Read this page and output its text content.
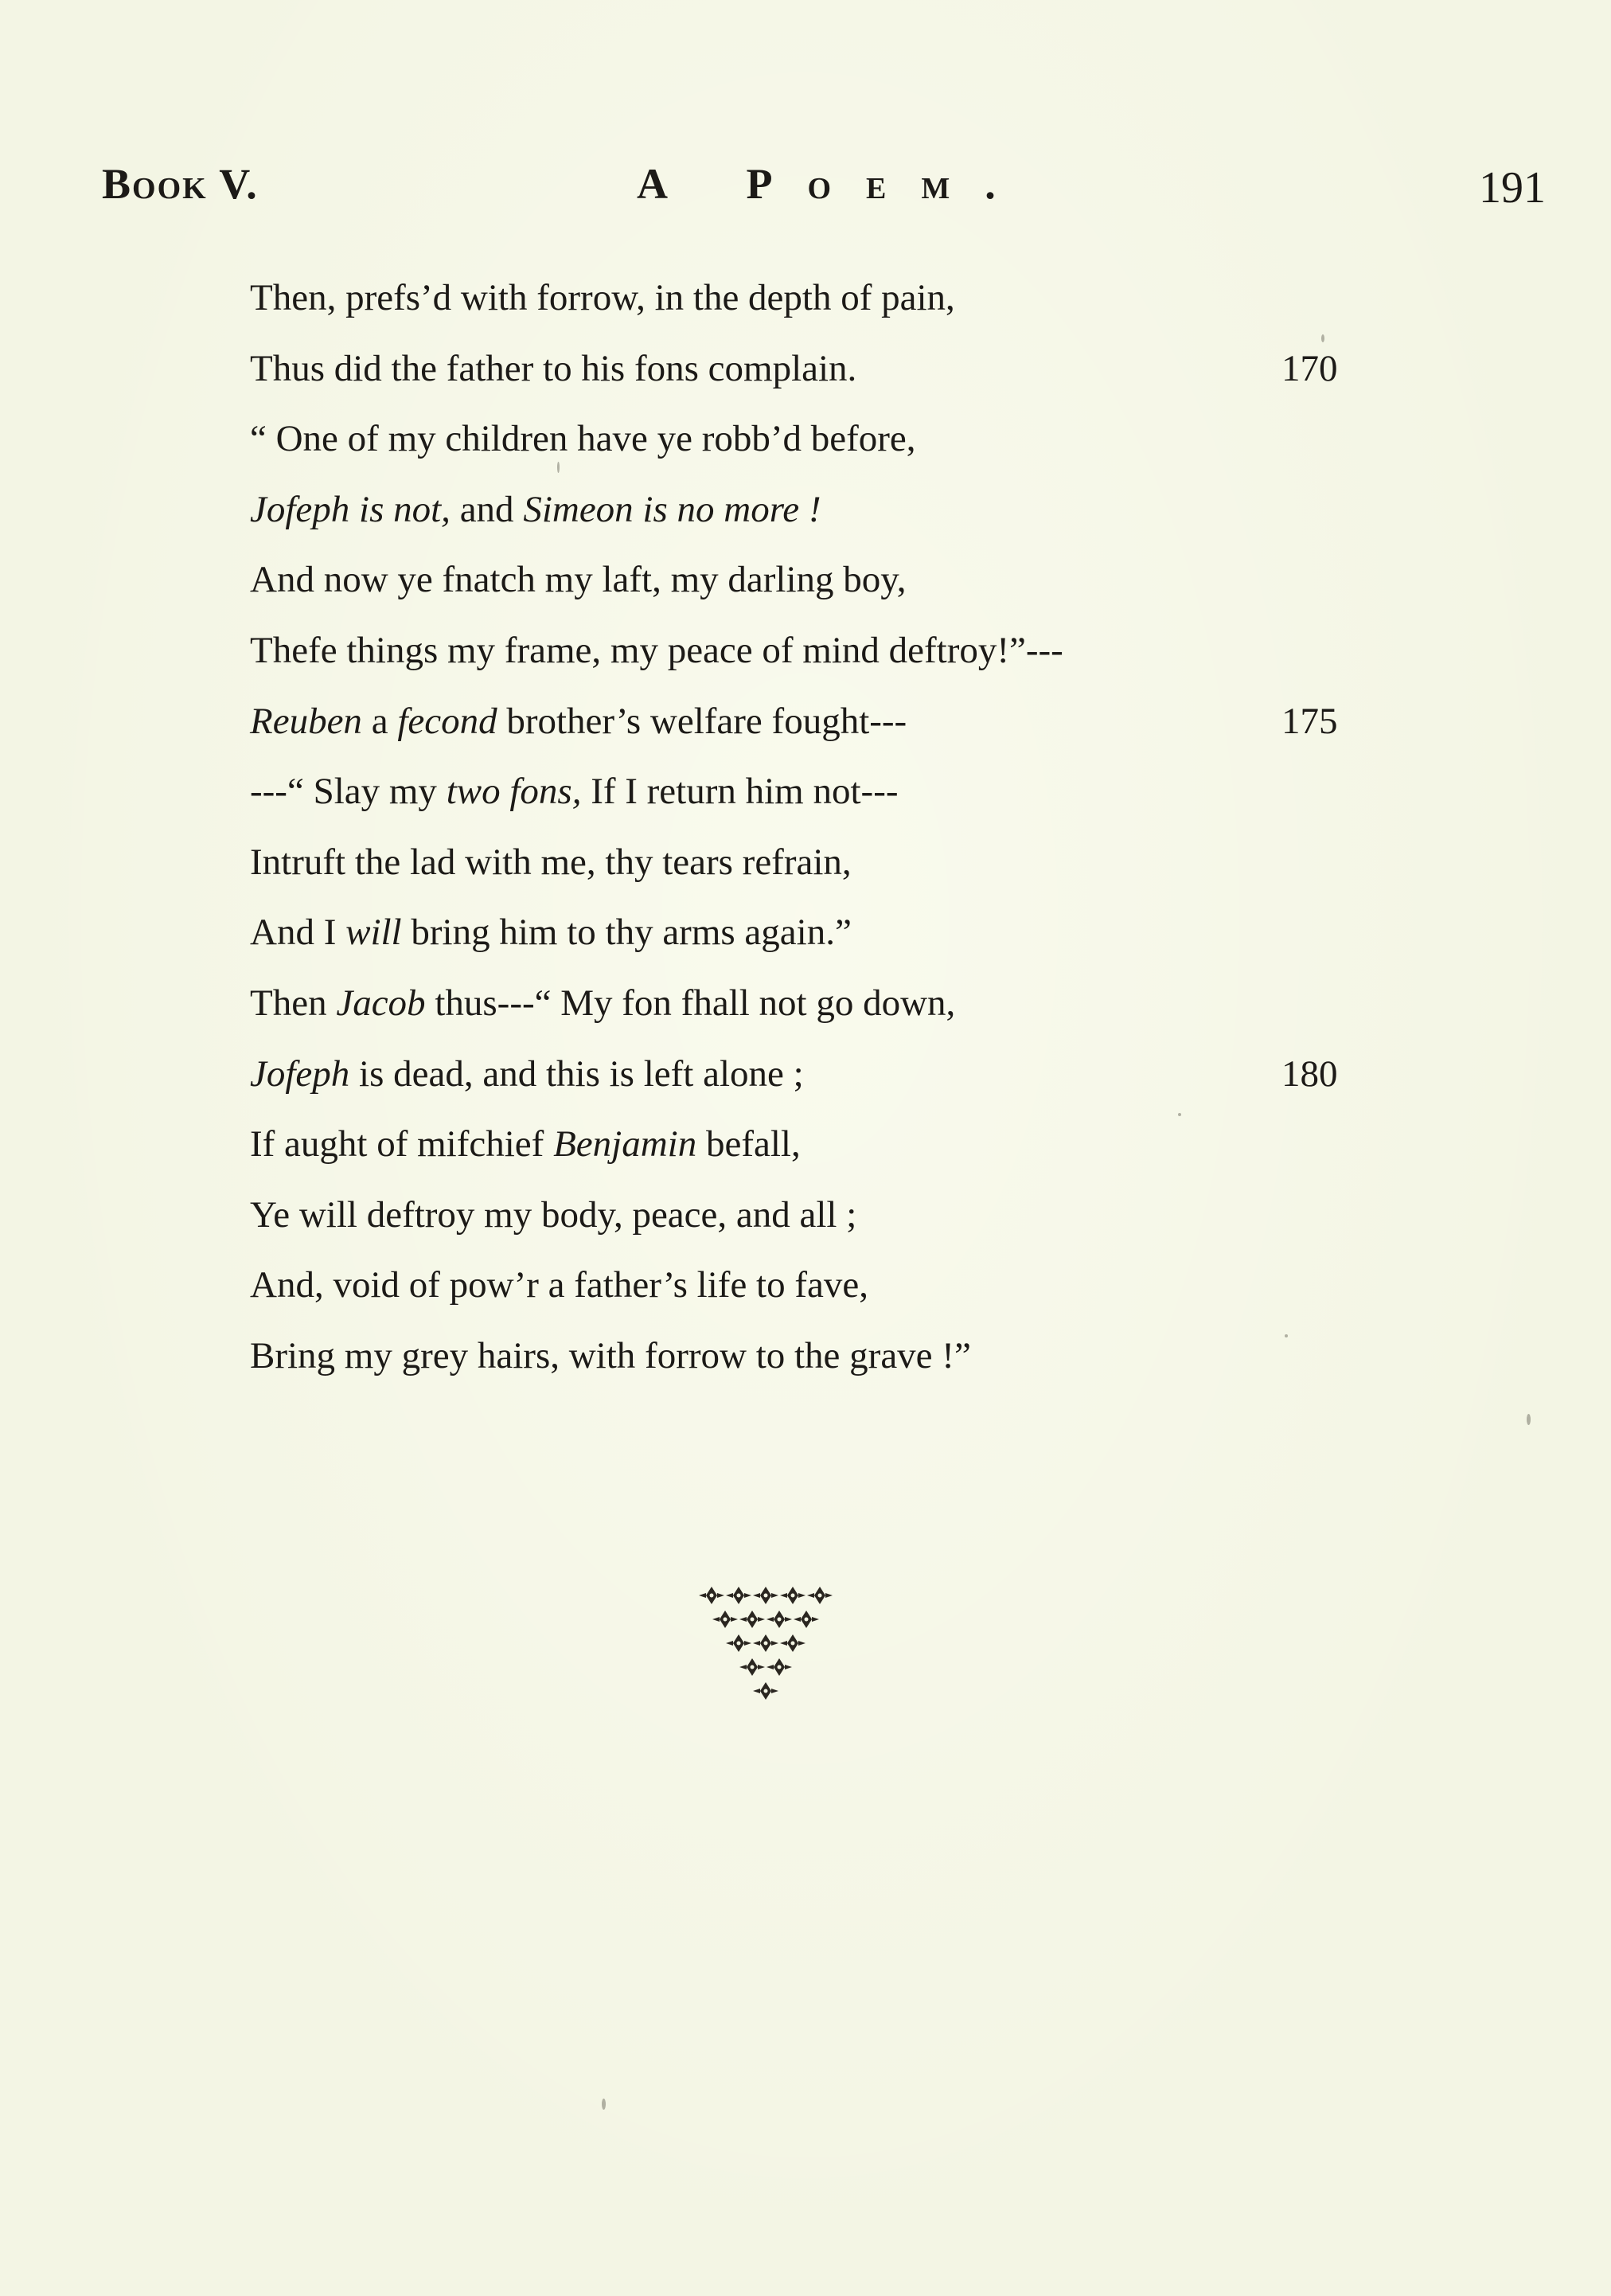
Book V.	A Poem.	191
Then, prefs’d with forrow, in the depth of pain,
Thus did the father to his fons complain.	170
“ One of my children have ye robb’d before,
Jofeph is not, and Simeon is no more !
And now ye fnatch my laft, my darling boy,
Thefe things my frame, my peace of mind deftroy!”---
Reuben a fecond brother’s welfare fought---	175
---“ Slay my two fons, If I return him not---
Intruft the lad with me, thy tears refrain,
And I will bring him to thy arms again.”
Then Jacob thus---“ My fon fhall not go down,
Jofeph is dead, and this is left alone ;	180
If aught of mifchief Benjamin befall,
Ye will deftroy my body, peace, and all ;
And, void of pow’r a father’s life to fave,
Bring my grey hairs, with forrow to the grave !”
